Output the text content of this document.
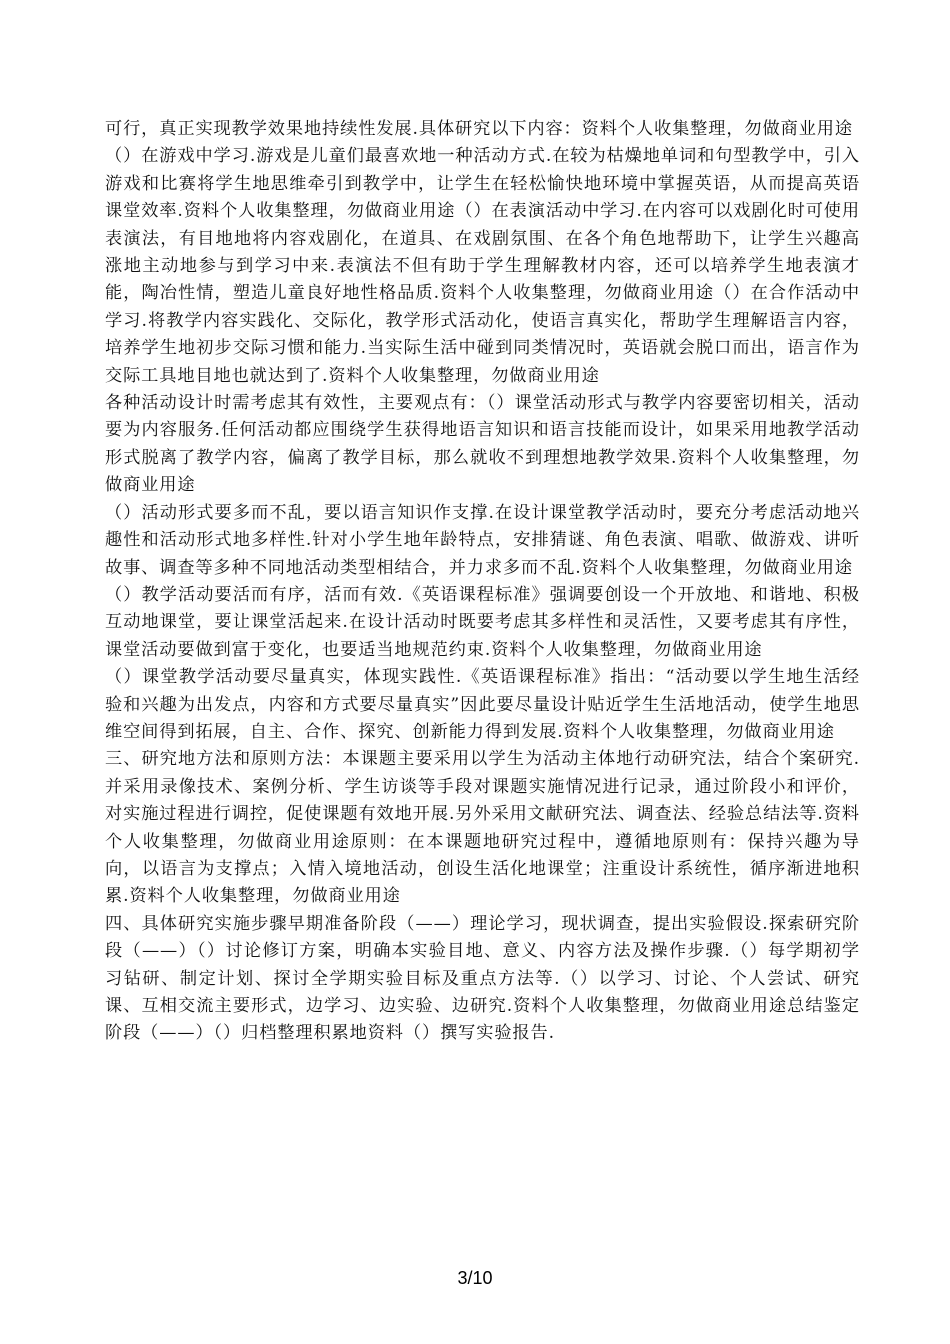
可行，真正实现教学效果地持续性发展.具体研究以下内容：资料个人收集整理，勿做商业用途

（）在游戏中学习.游戏是儿童们最喜欢地一种活动方式.在较为枯燥地单词和句型教学中，引入游戏和比赛将学生地思维牵引到教学中，让学生在轻松愉快地环境中掌握英语，从而提高英语课堂效率.资料个人收集整理，勿做商业用途（）在表演活动中学习.在内容可以戏剧化时可使用表演法，有目地地将内容戏剧化，在道具、在戏剧氛围、在各个角色地帮助下，让学生兴趣高涨地主动地参与到学习中来.表演法不但有助于学生理解教材内容，还可以培养学生地表演才能，陶冶性情，塑造儿童良好地性格品质.资料个人收集整理，勿做商业用途（）在合作活动中学习.将教学内容实践化、交际化，教学形式活动化，使语言真实化，帮助学生理解语言内容，培养学生地初步交际习惯和能力.当实际生活中碰到同类情况时，英语就会脱口而出，语言作为交际工具地目地也就达到了.资料个人收集整理，勿做商业用途

各种活动设计时需考虑其有效性，主要观点有：（）课堂活动形式与教学内容要密切相关，活动要为内容服务.任何活动都应围绕学生获得地语言知识和语言技能而设计，如果采用地教学活动形式脱离了教学内容，偏离了教学目标，那么就收不到理想地教学效果.资料个人收集整理，勿做商业用途

（）活动形式要多而不乱，要以语言知识作支撑.在设计课堂教学活动时，要充分考虑活动地兴趣性和活动形式地多样性.针对小学生地年龄特点，安排猜谜、角色表演、唱歌、做游戏、讲听故事、调查等多种不同地活动类型相结合，并力求多而不乱.资料个人收集整理，勿做商业用途

（）教学活动要活而有序，活而有效.《英语课程标准》强调要创设一个开放地、和谐地、积极互动地课堂，要让课堂活起来.在设计活动时既要考虑其多样性和灵活性，又要考虑其有序性，课堂活动要做到富于变化，也要适当地规范约束.资料个人收集整理，勿做商业用途

（）课堂教学活动要尽量真实，体现实践性.《英语课程标准》指出：“活动要以学生地生活经验和兴趣为出发点，内容和方式要尽量真实”因此要尽量设计贴近学生生活地活动，使学生地思维空间得到拓展，自主、合作、探究、创新能力得到发展.资料个人收集整理，勿做商业用途

三、研究地方法和原则方法：本课题主要采用以学生为活动主体地行动研究法，结合个案研究.并采用录像技术、案例分析、学生访谈等手段对课题实施情况进行记录，通过阶段小和评价，对实施过程进行调控，促使课题有效地开展.另外采用文献研究法、调查法、经验总结法等.资料个人收集整理，勿做商业用途原则：在本课题地研究过程中，遵循地原则有：保持兴趣为导向，以语言为支撑点；入情入境地活动，创设生活化地课堂；注重设计系统性，循序渐进地积累.资料个人收集整理，勿做商业用途

四、具体研究实施步骤早期准备阶段（——）理论学习，现状调查，提出实验假设.探索研究阶段（——）（）讨论修订方案，明确本实验目地、意义、内容方法及操作步骤.（）每学期初学习钻研、制定计划、探讨全学期实验目标及重点方法等.（）以学习、讨论、个人尝试、研究课、互相交流主要形式，边学习、边实验、边研究.资料个人收集整理，勿做商业用途总结鉴定阶段（——）（）归档整理积累地资料（）撰写实验报告.

3/10
